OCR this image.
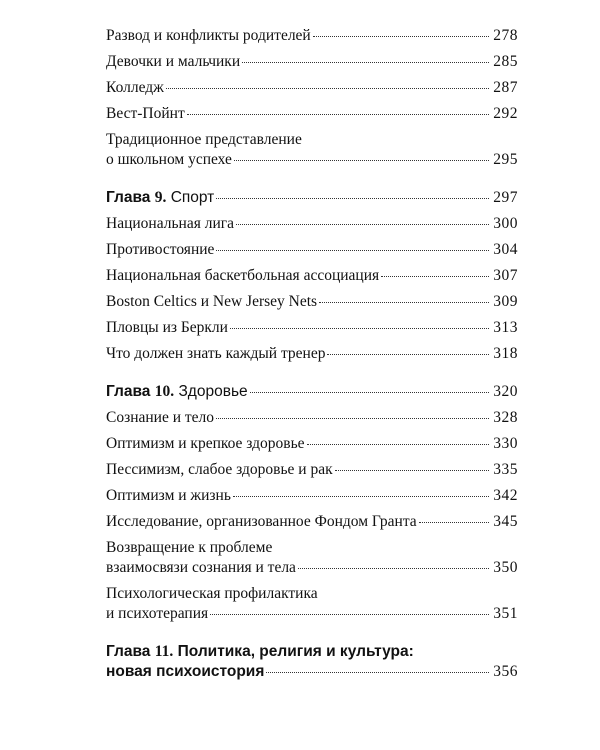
Развод и конфликты родителей	278
Девочки и мальчики	285
Колледж	287
Вест-Пойнт	292
Традиционное представление
о школьном успехе	295
Глава 9. Спорт	297
Национальная лига	300
Противостояние	304
Национальная баскетбольная ассоциация	307
Boston Celtics и New Jersey Nets	309
Пловцы из Беркли	313
Что должен знать каждый тренер	318
Глава 10. Здоровье	320
Сознание и тело	328
Оптимизм и крепкое здоровье	330
Пессимизм, слабое здоровье и рак	335
Оптимизм и жизнь	342
Исследование, организованное Фондом Гранта	345
Возвращение к проблеме
взаимосвязи сознания и тела	350
Психологическая профилактика
и психотерапия	351
Глава 11. Политика, религия и культура:
новая психоистория	356
